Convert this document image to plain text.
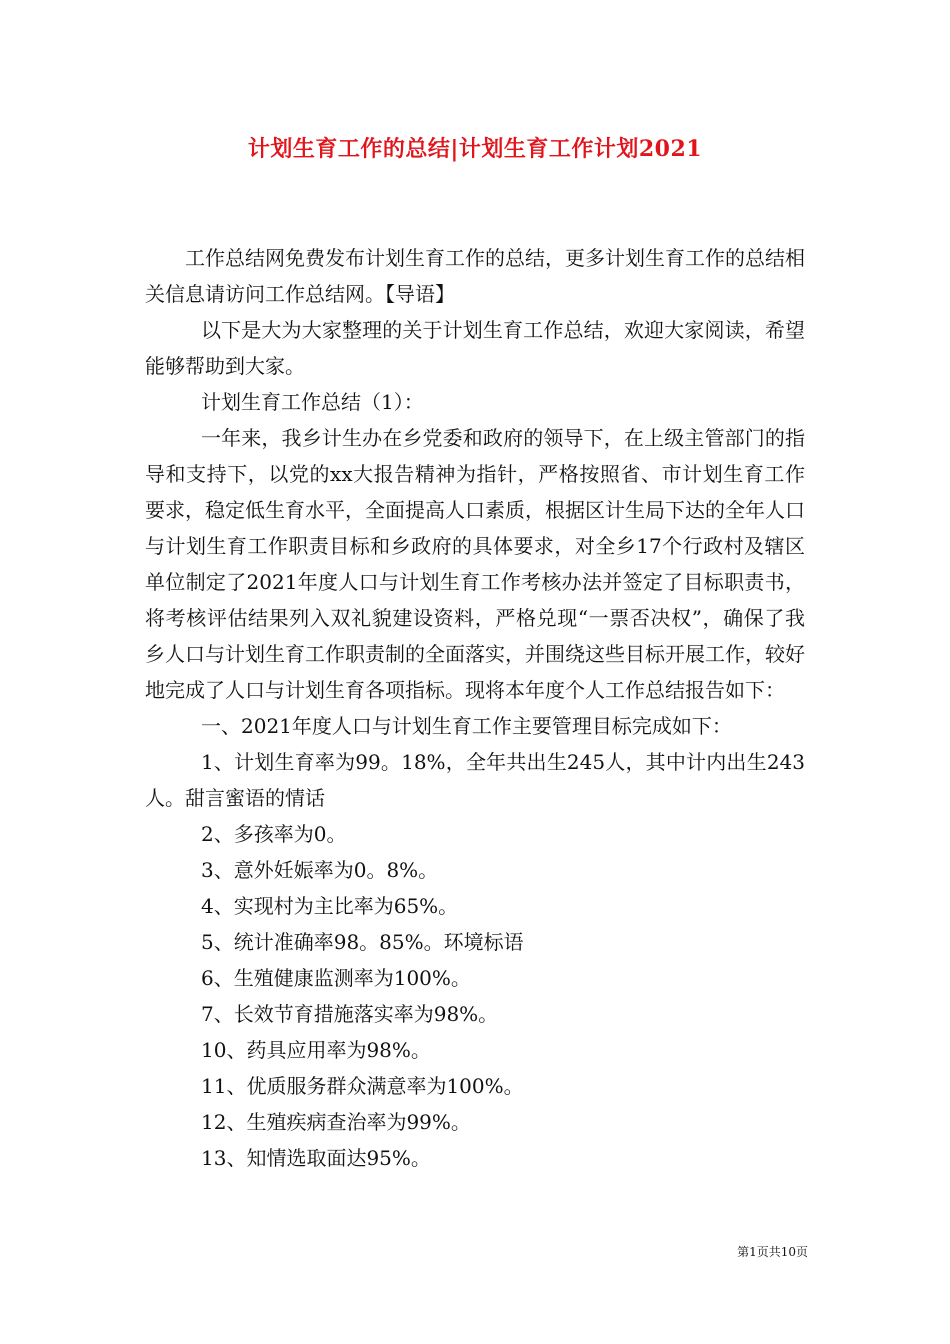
计划生育工作的总结|计划生育工作计划2021

工作总结网免费发布计划生育工作的总结，更多计划生育工作的总结相关信息请访问工作总结网。【导语】

以下是大为大家整理的关于计划生育工作总结，欢迎大家阅读，希望能够帮助到大家。

计划生育工作总结（1）：

一年来，我乡计生办在乡党委和政府的领导下，在上级主管部门的指导和支持下，以党的xx大报告精神为指针，严格按照省、市计划生育工作要求，稳定低生育水平，全面提高人口素质，根据区计生局下达的全年人口与计划生育工作职责目标和乡政府的具体要求，对全乡17个行政村及辖区单位制定了2021年度人口与计划生育工作考核办法并签定了目标职责书，将考核评估结果列入双礼貌建设资料，严格兑现“一票否决权”，确保了我乡人口与计划生育工作职责制的全面落实，并围绕这些目标开展工作，较好地完成了人口与计划生育各项指标。现将本年度个人工作总结报告如下：

一、2021年度人口与计划生育工作主要管理目标完成如下：

1、计划生育率为99。18%，全年共出生245人，其中计内出生243人。甜言蜜语的情话

2、多孩率为0。

3、意外妊娠率为0。8%。

4、实现村为主比率为65%。

5、统计准确率98。85%。环境标语

6、生殖健康监测率为100%。

7、长效节育措施落实率为98%。

10、药具应用率为98%。

11、优质服务群众满意率为100%。

12、生殖疾病查治率为99%。

13、知情选取面达95%。

第1页共10页
